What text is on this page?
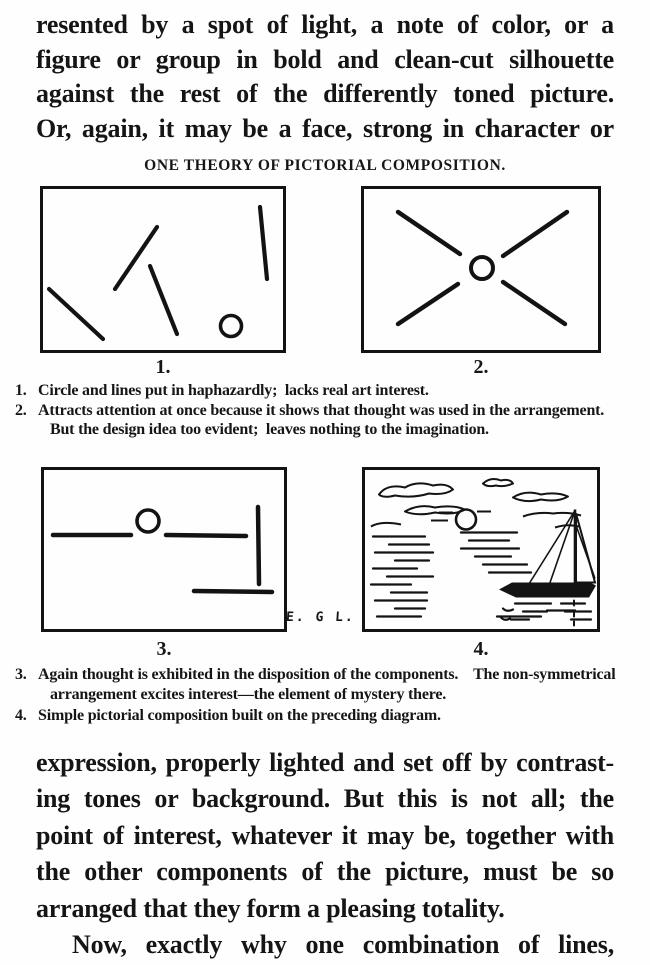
resented by a spot of light, a note of color, or a
figure or group in bold and clean-cut silhouette
against the rest of the differently toned picture.
Or, again, it may be a face, strong in character or
ONE THEORY OF PICTORIAL COMPOSITION.
1.	2.

1.

Circle and lines put in haphazardly;  lacks real art interest.

2.

Attracts attention at once because it shows that thought was used in the arrangement.

But the design idea too evident;  leaves nothing to the imagination.

E. G L.
3.	4.

3.

Again thought is exhibited in the disposition of the components.    The non-symmetrical

arrangement excites interest—the element of mystery there.

4.

Simple pictorial composition built on the preceding diagram.

expression, properly lighted and set off by contrast-
ing tones or background. But this is not all; the
point of interest, whatever it may be, together with
the other components of the picture, must be so
arranged that they form a pleasing totality.
Now, exactly why one combination of lines,
